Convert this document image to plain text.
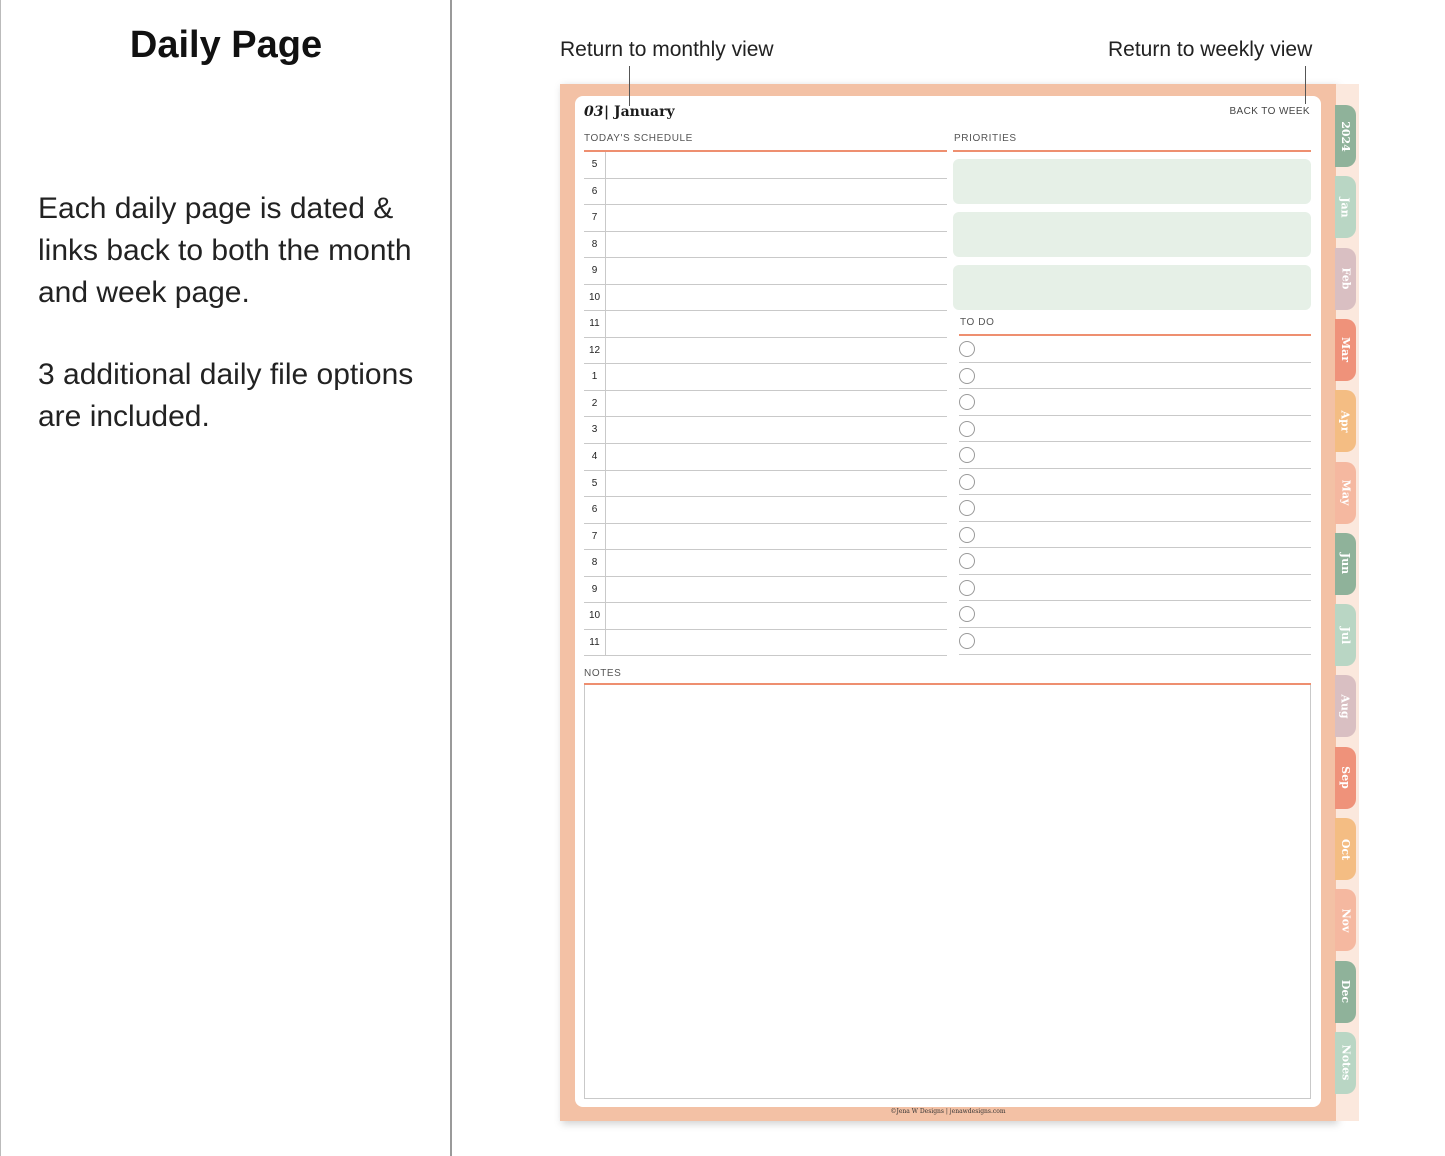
Daily Page
Each daily page is dated & links back to both the month and week page.
3 additional daily file options are included.
Return to monthly view	Return to weekly view
2024
Jan
Feb
Mar
Apr
May
Jun
Jul
Aug
Sep
Oct
Nov
Dec
Notes
03 | January	BACK TO WEEK
TODAY'S SCHEDULE	PRIORITIES
TO DO
NOTES
5
6
7
8
9
10
11
12
1
2
3
4
5
6
7
8
9
10
11
©Jena W Designs | jenawdesigns.com
